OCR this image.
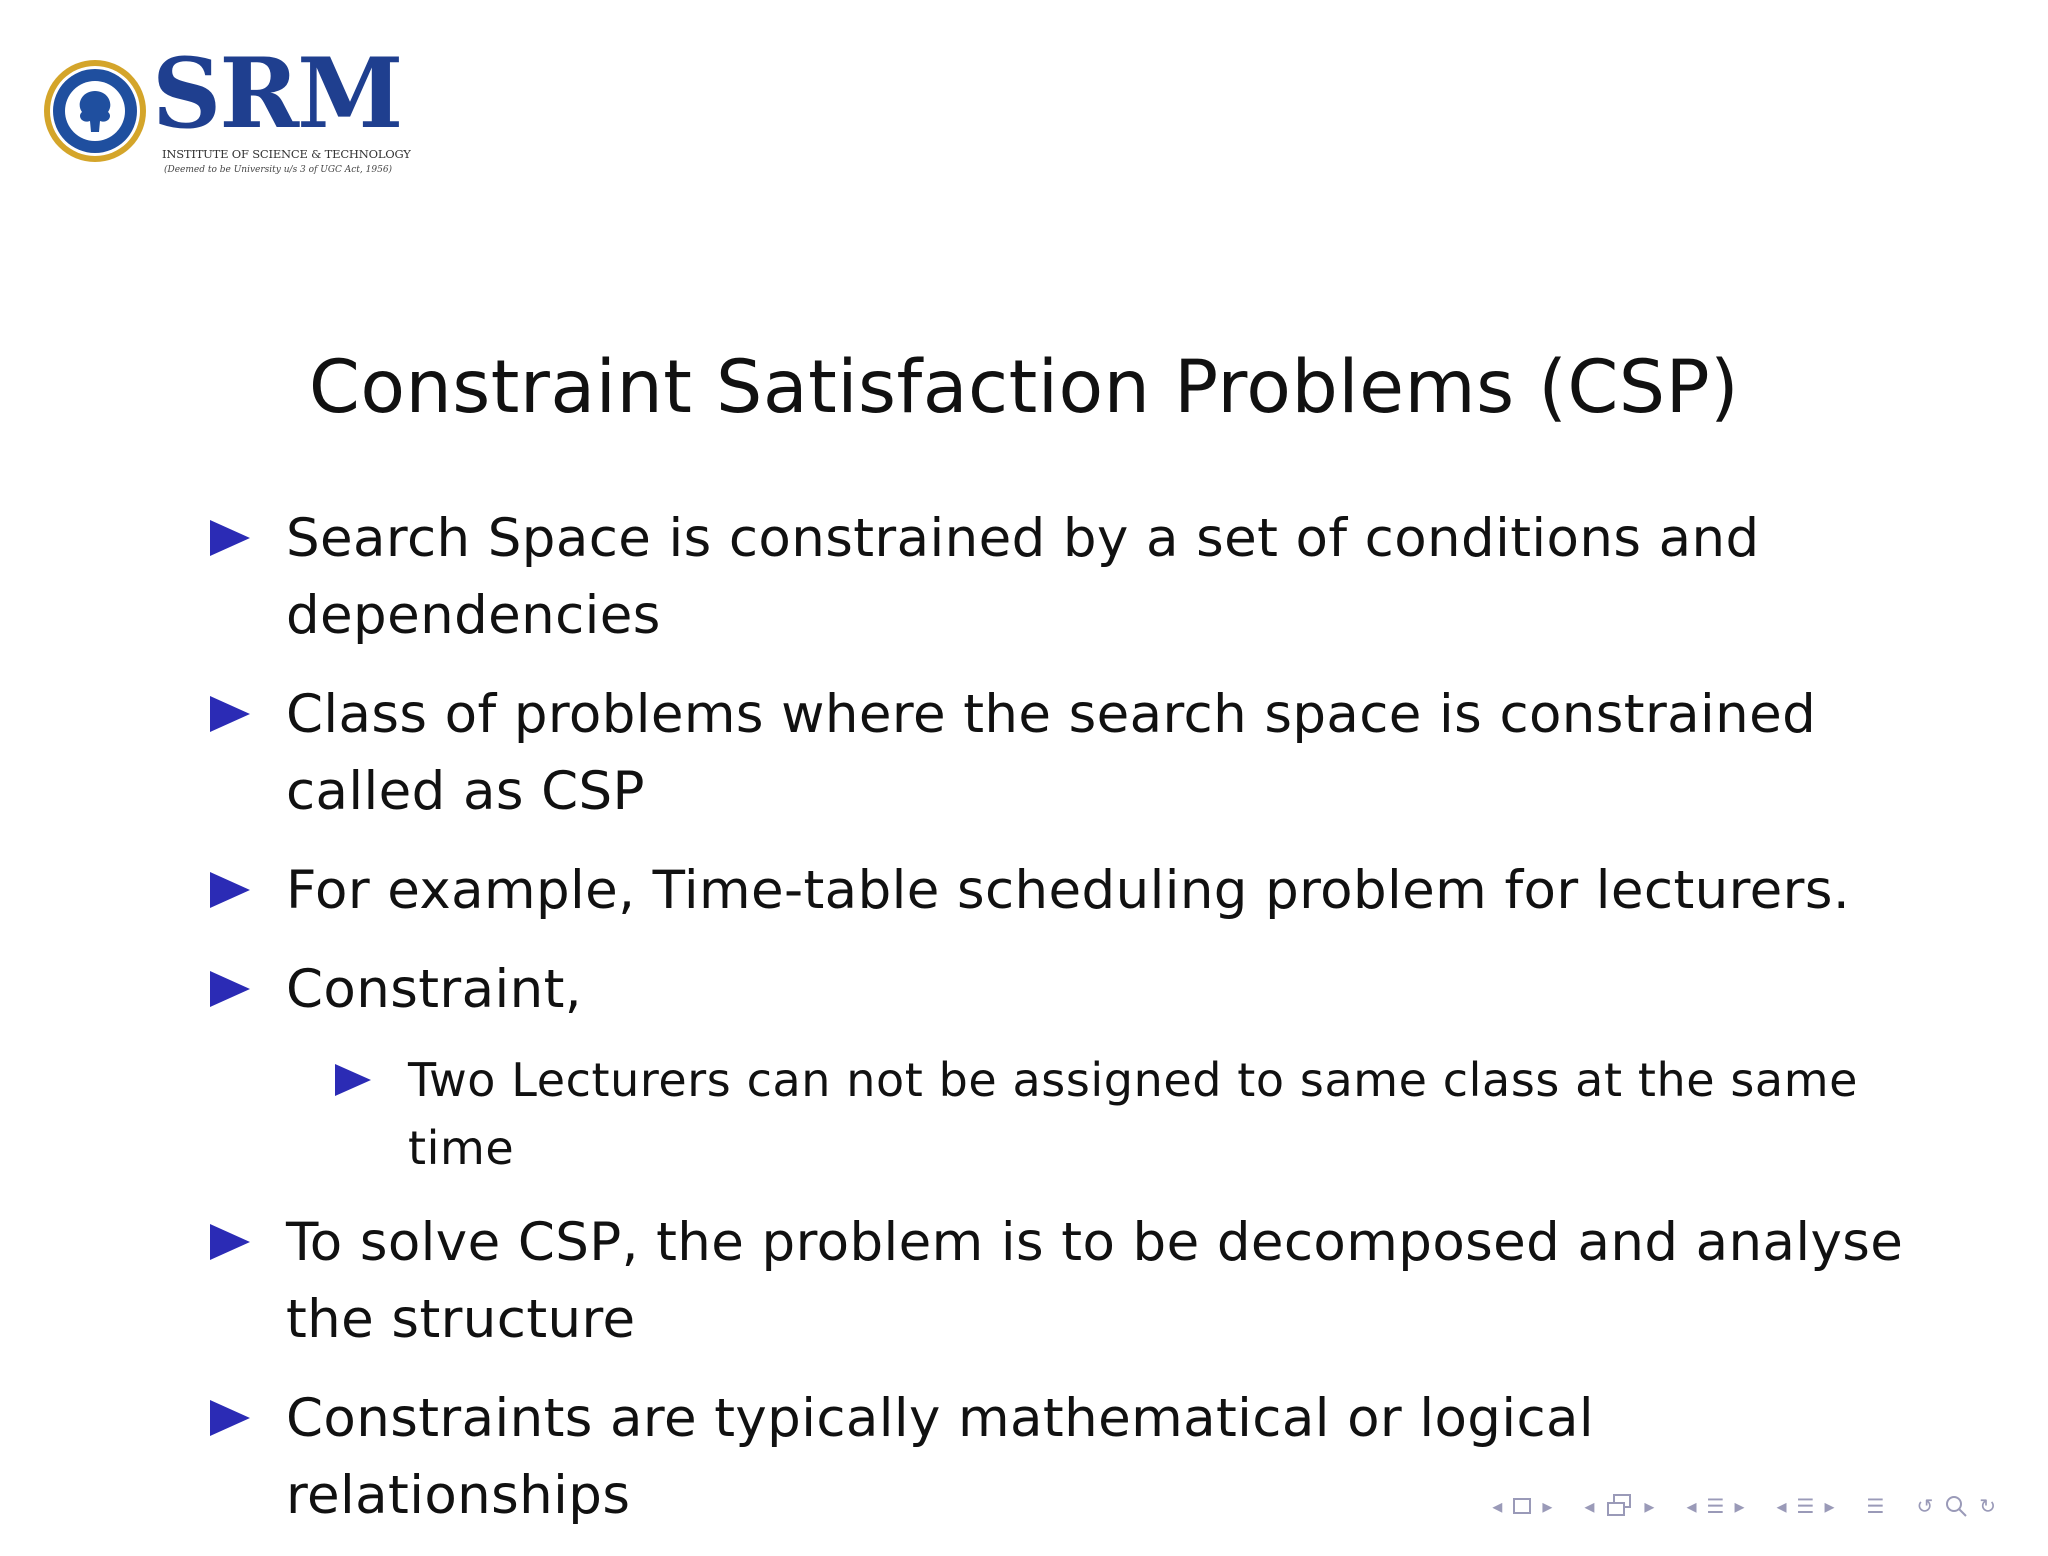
SRM
INSTITUTE OF SCIENCE & TECHNOLOGY
(Deemed to be University u/s 3 of UGC Act, 1956)
Constraint Satisfaction Problems (CSP)
Search Space is constrained by a set of conditions and dependencies
Class of problems where the search space is constrained called as CSP
For example, Time-table scheduling problem for lecturers.
Constraint,
Two Lecturers can not be assigned to same class at the same time
To solve CSP, the problem is to be decomposed and analyse the structure
Constraints are typically mathematical or logical relationships	◂ ▸ ◂	▸ ◂ ☰ ▸ ◂ ☰ ▸ ☰ ↺ ↻
